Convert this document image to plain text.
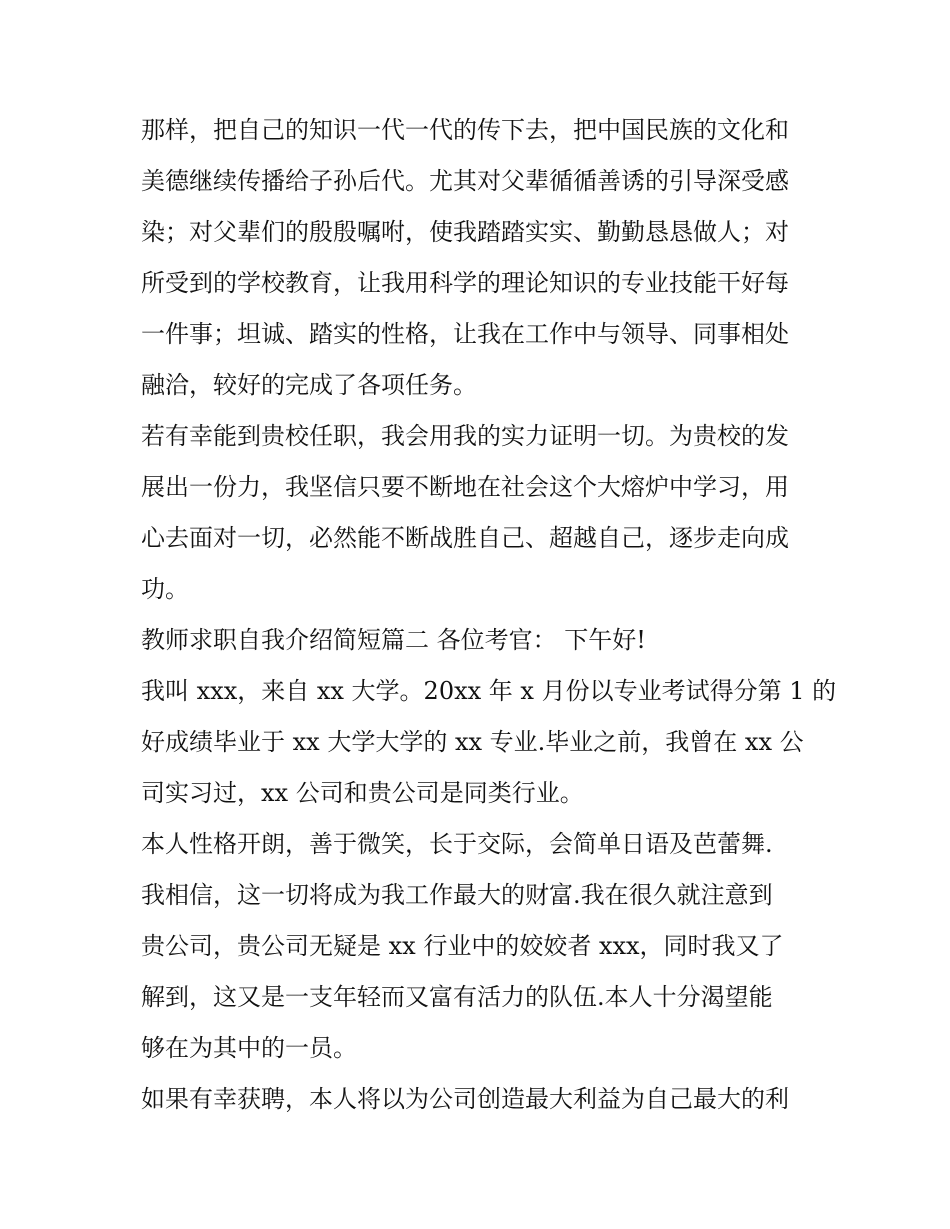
那样，把自己的知识一代一代的传下去，把中国民族的文化和
美德继续传播给子孙后代。尤其对父辈循循善诱的引导深受感
染；对父辈们的殷殷嘱咐，使我踏踏实实、勤勤恳恳做人；对
所受到的学校教育，让我用科学的理论知识的专业技能干好每
一件事；坦诚、踏实的性格，让我在工作中与领导、同事相处
融洽，较好的完成了各项任务。
若有幸能到贵校任职，我会用我的实力证明一切。为贵校的发
展出一份力，我坚信只要不断地在社会这个大熔炉中学习，用
心去面对一切，必然能不断战胜自己、超越自己，逐步走向成
功。
教师求职自我介绍简短篇二 各位考官： 下午好!
我叫 xxx，来自 xx 大学。20xx 年 x 月份以专业考试得分第 1 的
好成绩毕业于 xx 大学大学的 xx 专业.毕业之前，我曾在 xx 公
司实习过，xx 公司和贵公司是同类行业。
本人性格开朗，善于微笑，长于交际，会简单日语及芭蕾舞.
我相信，这一切将成为我工作最大的财富.我在很久就注意到
贵公司，贵公司无疑是 xx 行业中的姣姣者 xxx，同时我又了
解到，这又是一支年轻而又富有活力的队伍.本人十分渴望能
够在为其中的一员。
如果有幸获聘，本人将以为公司创造最大利益为自己最大的利
